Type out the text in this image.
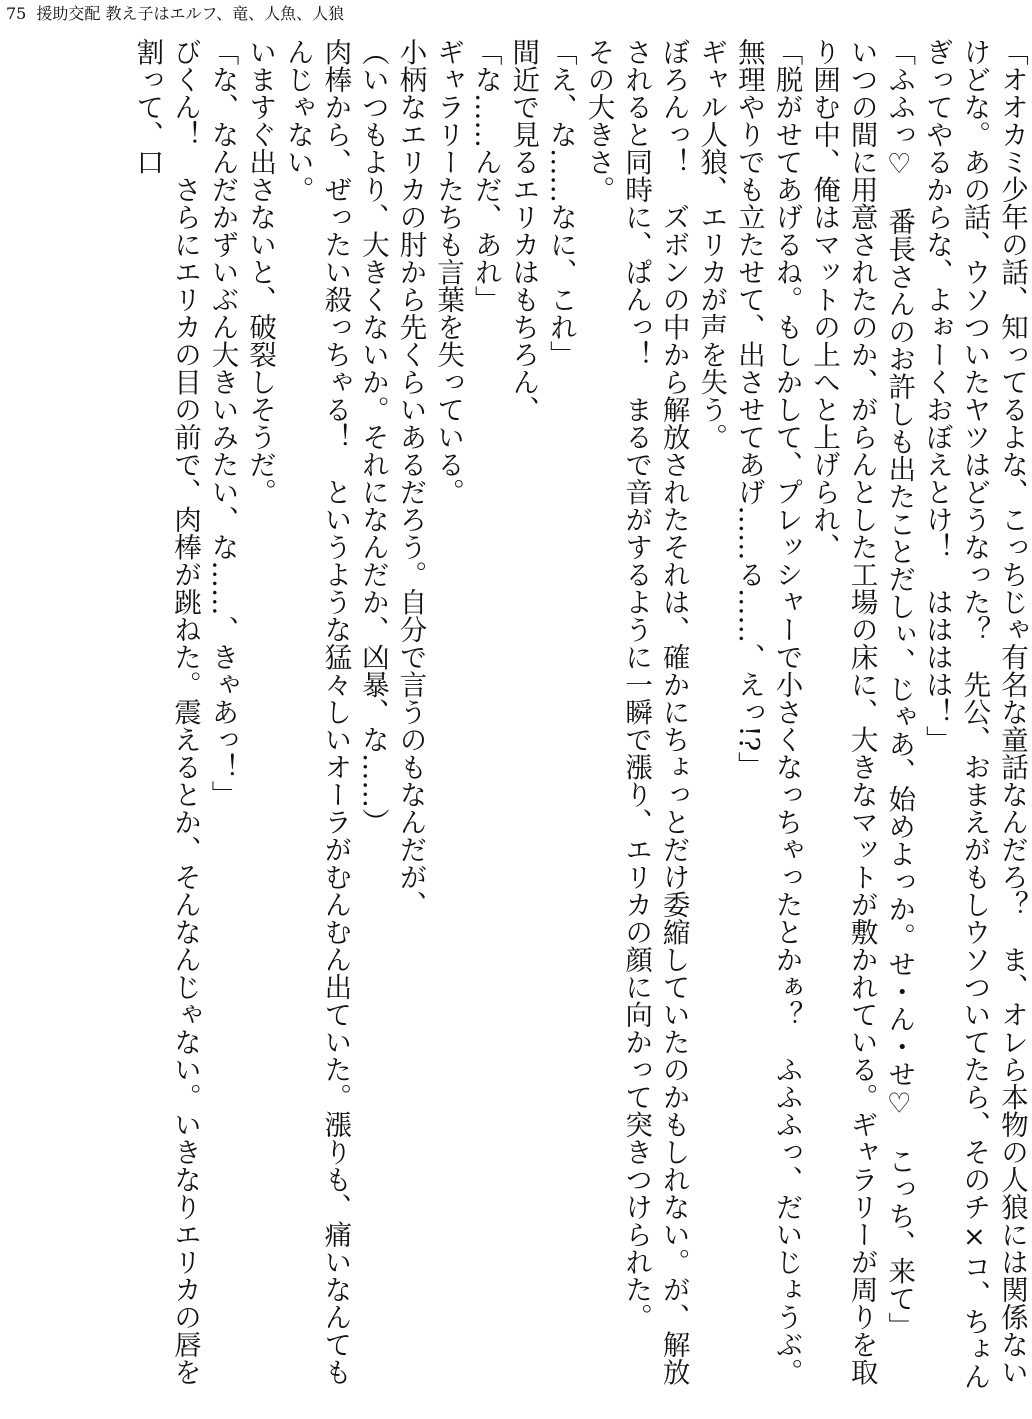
75 援助交配 教え子はエルフ、竜、人魚、人狼

「オオカミ少年の話、知ってるよな、こっちじゃ有名な童話なんだろ？　ま、オレら本物の人狼には関係ないけどな。あの話、ウソついたヤツはどうなった？　先公、おまえがもしウソついてたら、そのチ×コ、ちょんぎってやるからな、よぉーくおぼえとけ！　はははは！」

「ふふっ♡　番長さんのお許しも出たことだしぃ、じゃあ、始めよっか。せ・ん・せ♡　こっち、来て」

いつの間に用意されたのか、がらんとした工場の床に、大きなマットが敷かれている。ギャラリーが周りを取り囲む中、俺はマットの上へと上げられ、

「脱がせてあげるね。もしかして、プレッシャーで小さくなっちゃったとかぁ？　ふふふっ、だいじょうぶ。無理やりでも立たせて、出させてあげ……る……、えっ!?」

ギャル人狼、エリカが声を失う。

ぼろんっ！　ズボンの中から解放されたそれは、確かにちょっとだけ委縮していたのかもしれない。が、解放されると同時に、ぱんっ！　まるで音がするように一瞬で漲り、エリカの顔に向かって突きつけられた。

その大きさ。

「え、な……なに、これ」

間近で見るエリカはもちろん、

「な……んだ、あれ」

ギャラリーたちも言葉を失っている。

小柄なエリカの肘から先くらいあるだろう。自分で言うのもなんだが、

（いつもより、大きくないか。それになんだか、凶暴、な……）

肉棒から、ぜったい殺っちゃる！　というような猛々しいオーラがむんむん出ていた。漲りも、痛いなんてもんじゃない。

いますぐ出さないと、破裂しそうだ。

「な、なんだかずいぶん大きいみたい、な……、きゃあっ！」

びくん！　さらにエリカの目の前で、肉棒が跳ねた。震えるとか、そんなんじゃない。いきなりエリカの唇を割って、口
